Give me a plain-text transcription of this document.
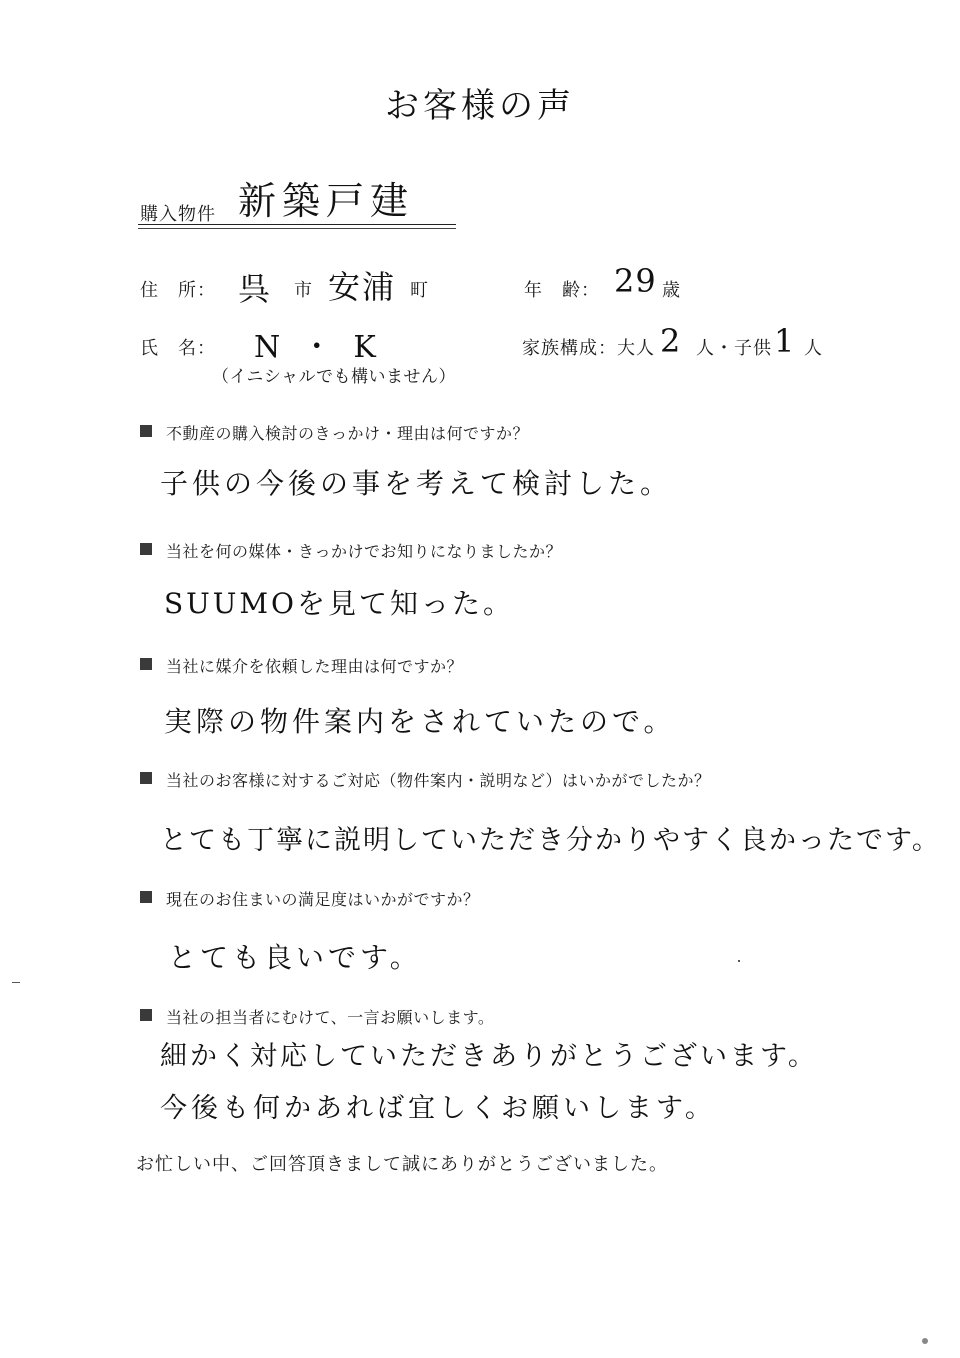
お客様の声
購入物件 新築戸建
住　所： 呉 市 安浦 町	年　齢： 29 歳
氏　名： N ・ K
（イニシャルでも構いません）
家族構成：大人 2 人・子供 1 人
不動産の購入検討のきっかけ・理由は何ですか？
子供の今後の事を考えて検討した。
当社を何の媒体・きっかけでお知りになりましたか？
SUUMOを見て知った。
当社に媒介を依頼した理由は何ですか？
実際の物件案内をされていたので。
当社のお客様に対するご対応（物件案内・説明など）はいかがでしたか？
とても丁寧に説明していただき分かりやすく良かったです。
現在のお住まいの満足度はいかがですか？
とても良いです。
当社の担当者にむけて、一言お願いします。
細かく対応していただきありがとうございます。
今後も何かあれば宜しくお願いします。
お忙しい中、ご回答頂きまして誠にありがとうございました。
